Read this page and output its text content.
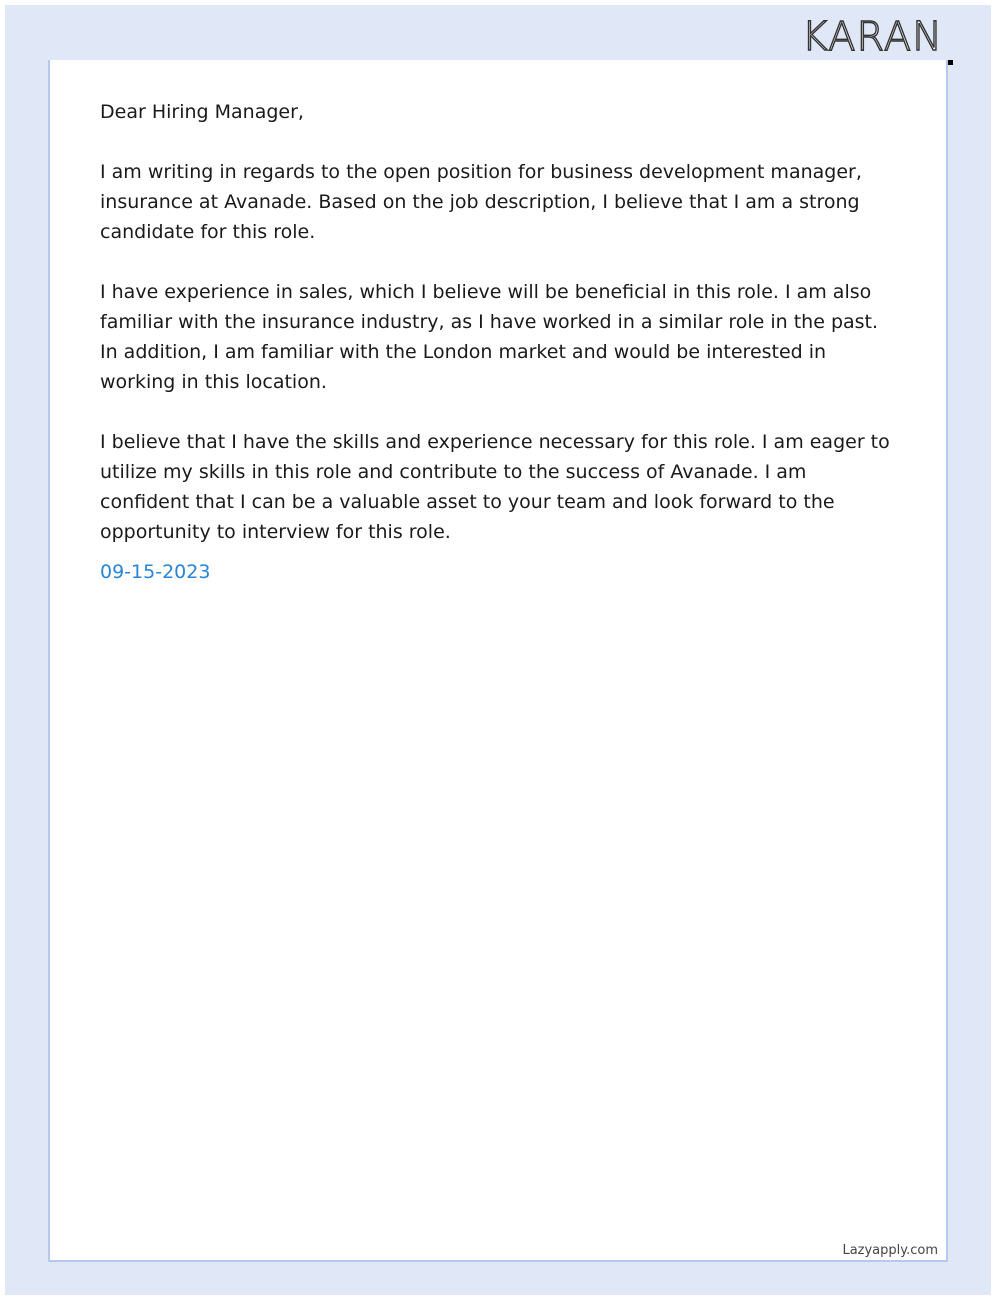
KARAN

Dear Hiring Manager,

I am writing in regards to the open position for business development manager, insurance at Avanade. Based on the job description, I believe that I am a strong candidate for this role.

I have experience in sales, which I believe will be beneficial in this role. I am also familiar with the insurance industry, as I have worked in a similar role in the past. In addition, I am familiar with the London market and would be interested in working in this location.

I believe that I have the skills and experience necessary for this role. I am eager to utilize my skills in this role and contribute to the success of Avanade. I am confident that I can be a valuable asset to your team and look forward to the opportunity to interview for this role.

09-15-2023
Lazyapply.com
